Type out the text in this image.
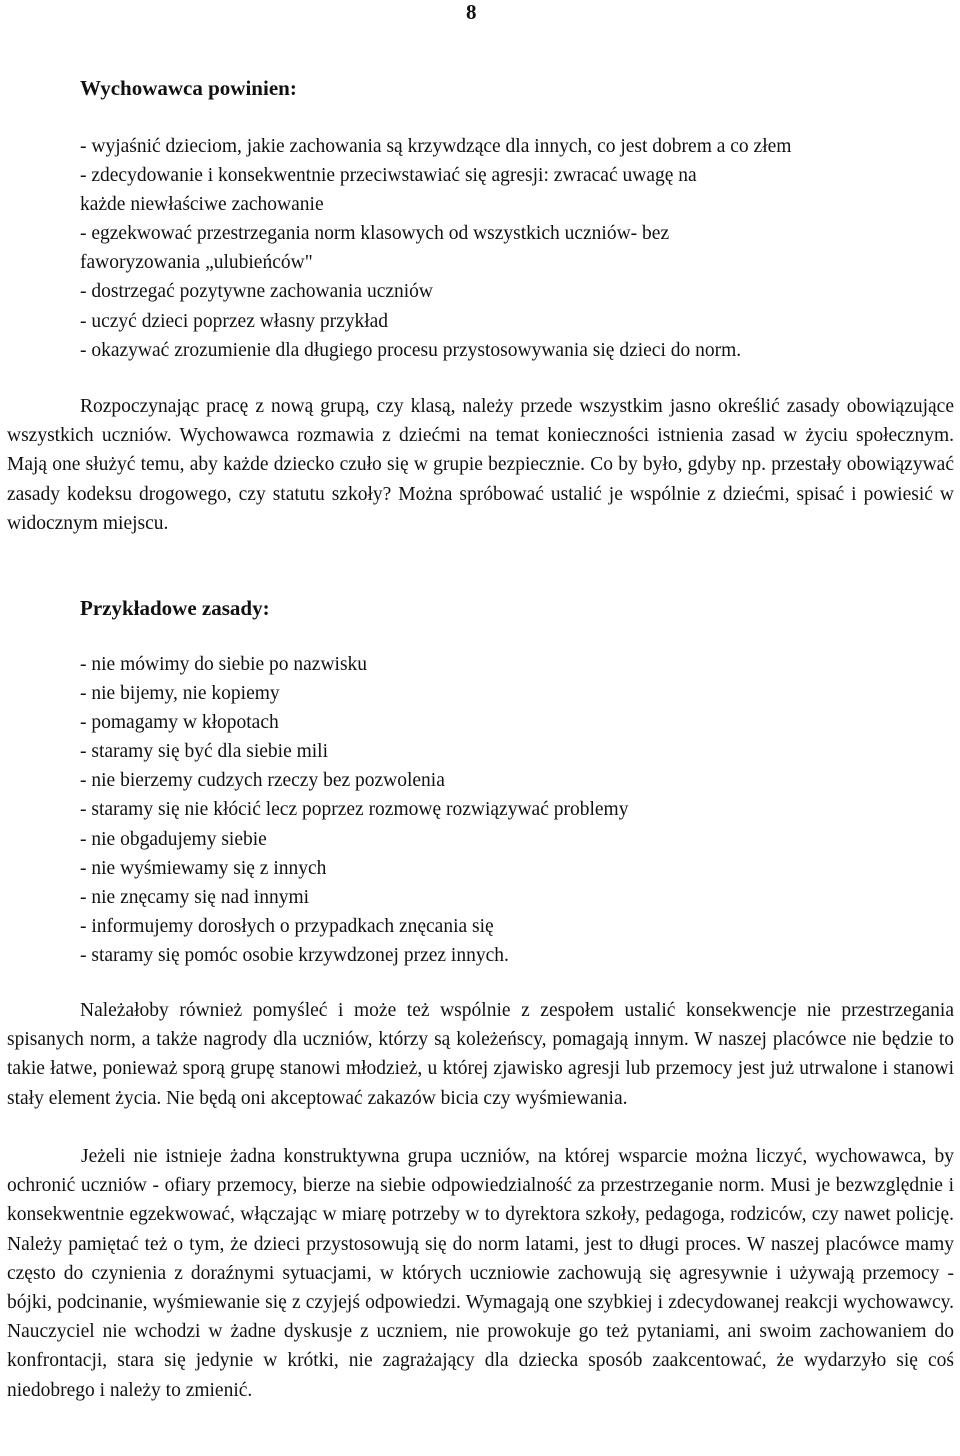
8
Wychowawca powinien:
- wyjaśnić dzieciom, jakie zachowania są krzywdzące dla innych, co jest dobrem a co złem
- zdecydowanie i konsekwentnie przeciwstawiać się agresji: zwracać uwagę na
każde niewłaściwe zachowanie
- egzekwować przestrzegania norm klasowych od wszystkich uczniów- bez
faworyzowania „ulubieńców"
- dostrzegać pozytywne zachowania uczniów
- uczyć dzieci poprzez własny przykład
- okazywać zrozumienie dla długiego procesu przystosowywania się dzieci do norm.

Rozpoczynając pracę z nową grupą, czy klasą, należy przede wszystkim jasno określić zasady obowiązujące wszystkich uczniów. Wychowawca rozmawia z dziećmi na temat konieczności istnienia zasad w życiu społecznym. Mają one służyć temu, aby każde dziecko czuło się w grupie bezpiecznie. Co by było, gdyby np. przestały obowiązywać zasady kodeksu drogowego, czy statutu szkoły? Można spróbować ustalić je wspólnie z dziećmi, spisać i powiesić w widocznym miejscu.

Przykładowe zasady:
- nie mówimy do siebie po nazwisku
- nie bijemy, nie kopiemy
- pomagamy w kłopotach
- staramy się być dla siebie mili
- nie bierzemy cudzych rzeczy bez pozwolenia
- staramy się nie kłócić lecz poprzez rozmowę rozwiązywać problemy
- nie obgadujemy siebie
- nie wyśmiewamy się z innych
- nie znęcamy się nad innymi
- informujemy dorosłych o przypadkach znęcania się
- staramy się pomóc osobie krzywdzonej przez innych.

Należałoby również pomyśleć i może też wspólnie z zespołem ustalić konsekwencje nie przestrzegania spisanych norm, a także nagrody dla uczniów, którzy są koleżeńscy, pomagają innym. W naszej placówce nie będzie to takie łatwe, ponieważ sporą grupę stanowi młodzież, u której zjawisko agresji lub przemocy jest już utrwalone i stanowi stały element życia. Nie będą oni akceptować zakazów bicia czy wyśmiewania.

Jeżeli nie istnieje żadna konstruktywna grupa uczniów, na której wsparcie można liczyć, wychowawca, by ochronić uczniów - ofiary przemocy, bierze na siebie odpowiedzialność za przestrzeganie norm. Musi je bezwzględnie i konsekwentnie egzekwować, włączając w miarę potrzeby w to dyrektora szkoły, pedagoga, rodziców, czy nawet policję. Należy pamiętać też o tym, że dzieci przystosowują się do norm latami, jest to długi proces. W naszej placówce mamy często do czynienia z doraźnymi sytuacjami, w których uczniowie zachowują się agresywnie i używają przemocy - bójki, podcinanie, wyśmiewanie się z czyjejś odpowiedzi. Wymagają one szybkiej i zdecydowanej reakcji wychowawcy. Nauczyciel nie wchodzi w żadne dyskusje z uczniem, nie prowokuje go też pytaniami, ani swoim zachowaniem do konfrontacji, stara się jedynie w krótki, nie zagrażający dla dziecka sposób zaakcentować, że wydarzyło się coś niedobrego i należy to zmienić.
